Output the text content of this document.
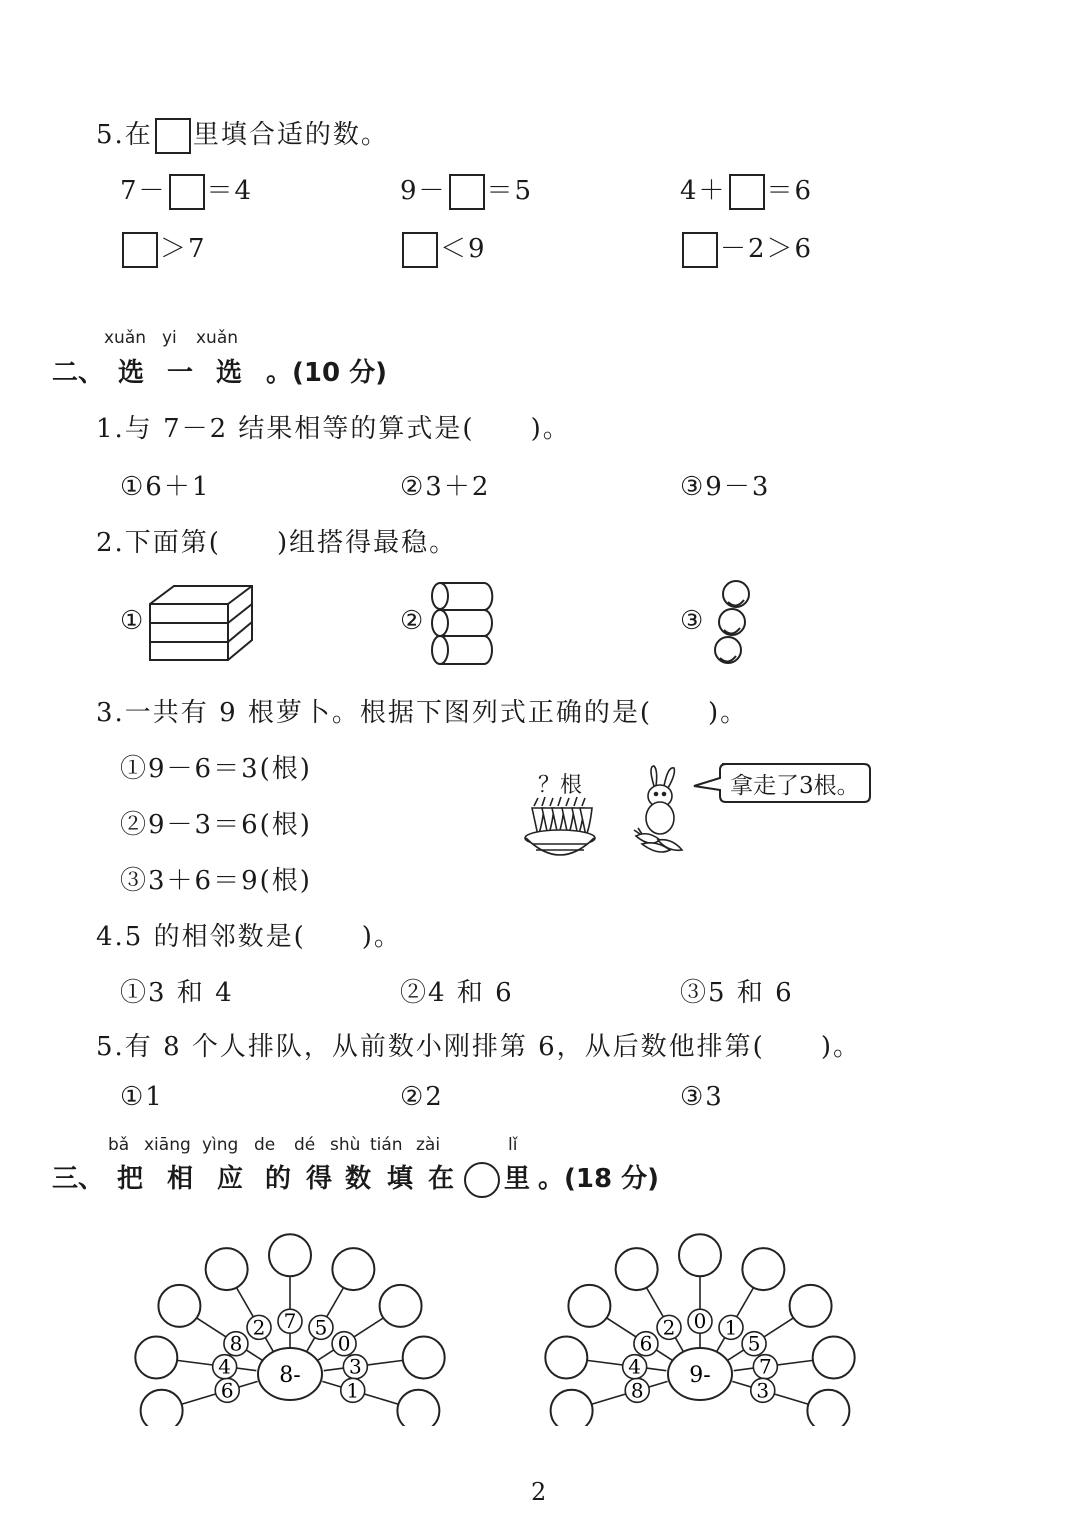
5.在 里填合适的数。
7－ ＝4	9－ ＝5	4＋ ＝6
＞7	＜9	－2＞6
xuǎn yi xuǎn
二、 选 一 选 。(10 分)
1.与 7－2 结果相等的算式是(　　)。
①6＋1	②3＋2	③9－3
2.下面第(　　)组搭得最稳。
①	②	③
3.一共有 9 根萝卜。根据下图列式正确的是(　　)。
①9－6＝3(根)
②9－3＝6(根)
③3＋6＝9(根)
？根	拿走了3根。
4.5 的相邻数是(　　)。
①3 和 4	②4 和 6	③5 和 6
5.有 8 个人排队，从前数小刚排第 6，从后数他排第(　　)。
①1	②2	③3
bǎ xiāng yìng de dé shù tián zài	lǐ
三、 把 相 应 的 得 数 填 在 里 。(18 分)
6
4
8
2 7 5
0
3
1
8-
8
4
6
2 0 1
5
7
3
9-
2
